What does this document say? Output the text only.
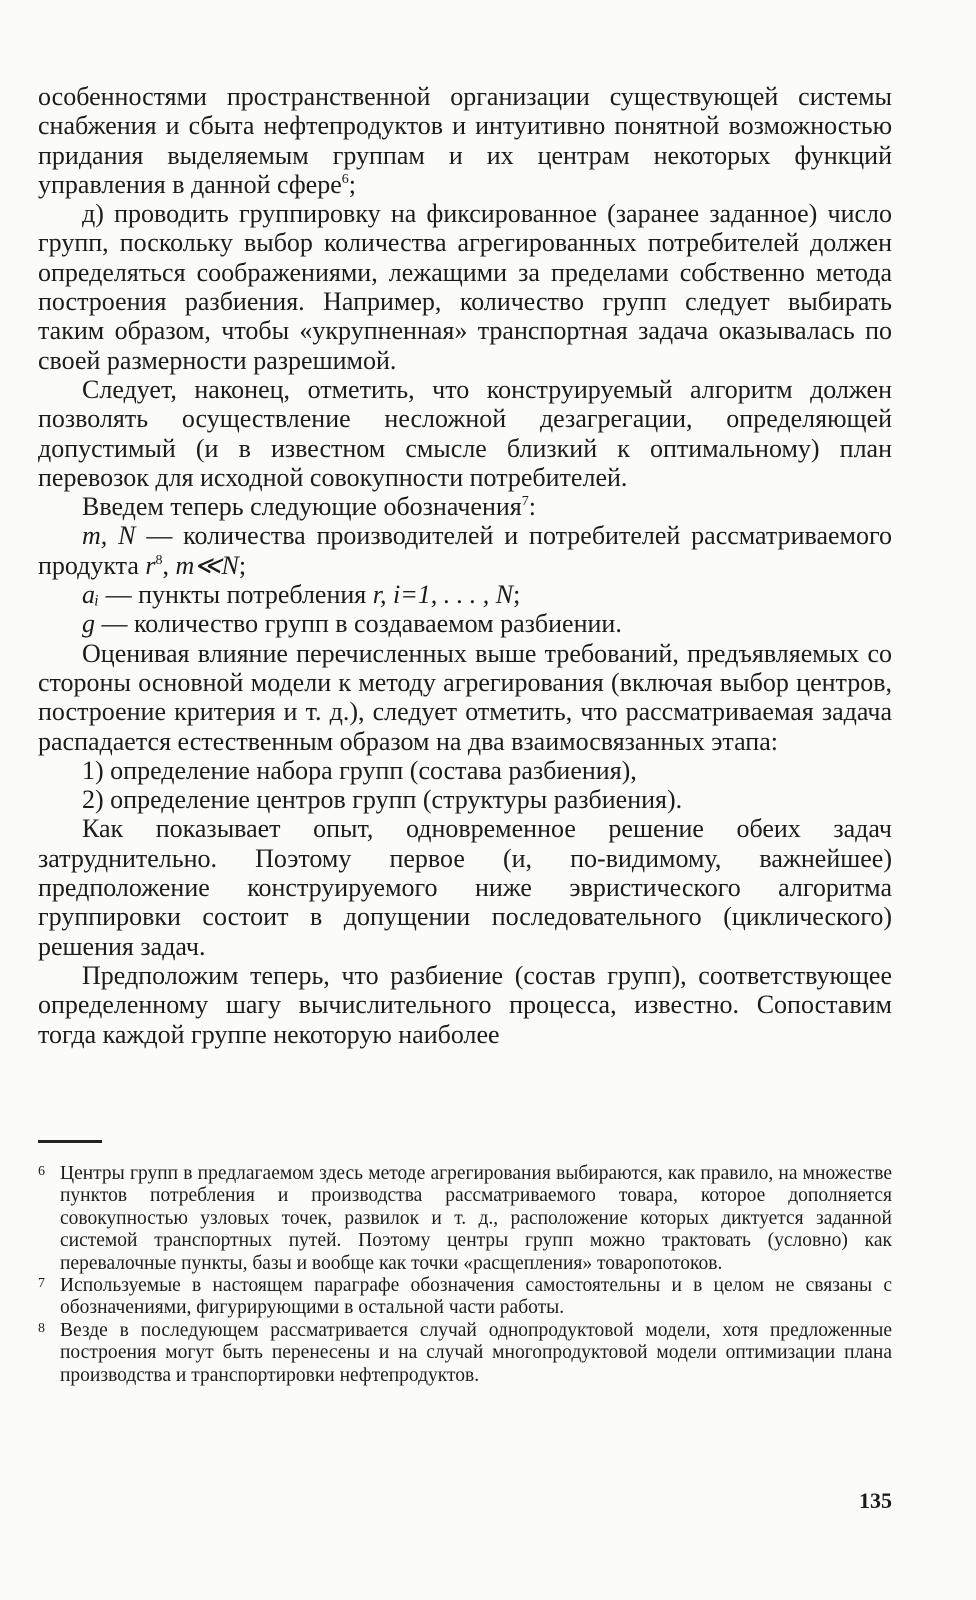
особенностями пространственной организации существующей системы снабжения и сбыта нефтепродуктов и интуитивно понятной возможностью придания выделяемым группам и их центрам некоторых функций управления в данной сфере$^6$;

д) проводить группировку на фиксированное (заранее заданное) число групп, поскольку выбор количества агрегированных потребителей должен определяться соображениями, лежащими за пределами собственно метода построения разбиения. Например, количество групп следует выбирать таким образом, чтобы «укрупненная» транспортная задача оказывалась по своей размерности разрешимой.

Следует, наконец, отметить, что конструируемый алгоритм должен позволять осуществление несложной дезагрегации, определяющей допустимый (и в известном смысле близкий к оптимальному) план перевозок для исходной совокупности потребителей.

Введем теперь следующие обозначения$^7$:

m, N — количества производителей и потребителей рассматриваемого продукта $r^8$, m≪N;

aᵢ — пункты потребления r, i=1, . . . , N;

g — количество групп в создаваемом разбиении.

Оценивая влияние перечисленных выше требований, предъявляемых со стороны основной модели к методу агрегирования (включая выбор центров, построение критерия и т. д.), следует отметить, что рассматриваемая задача распадается естественным образом на два взаимосвязанных этапа:

1) определение набора групп (состава разбиения),

2) определение центров групп (структуры разбиения).

Как показывает опыт, одновременное решение обеих задач затруднительно. Поэтому первое (и, по-видимому, важнейшее) предположение конструируемого ниже эвристического алгоритма группировки состоит в допущении последовательного (циклического) решения задач.

Предположим теперь, что разбиение (состав групп), соответствующее определенному шагу вычислительного процесса, известно. Сопоставим тогда каждой группе некоторую наиболее

6 Центры групп в предлагаемом здесь методе агрегирования выбираются, как правило, на множестве пунктов потребления и производства рассматриваемого товара, которое дополняется совокупностью узловых точек, развилок и т. д., расположение которых диктуется заданной системой транспортных путей. Поэтому центры групп можно трактовать (условно) как перевалочные пункты, базы и вообще как точки «расщепления» товаропотоков.

7 Используемые в настоящем параграфе обозначения самостоятельны и в целом не связаны с обозначениями, фигурирующими в остальной части работы.

8 Везде в последующем рассматривается случай однопродуктовой модели, хотя предложенные построения могут быть перенесены и на случай многопродуктовой модели оптимизации плана производства и транспортировки нефтепродуктов.

135
